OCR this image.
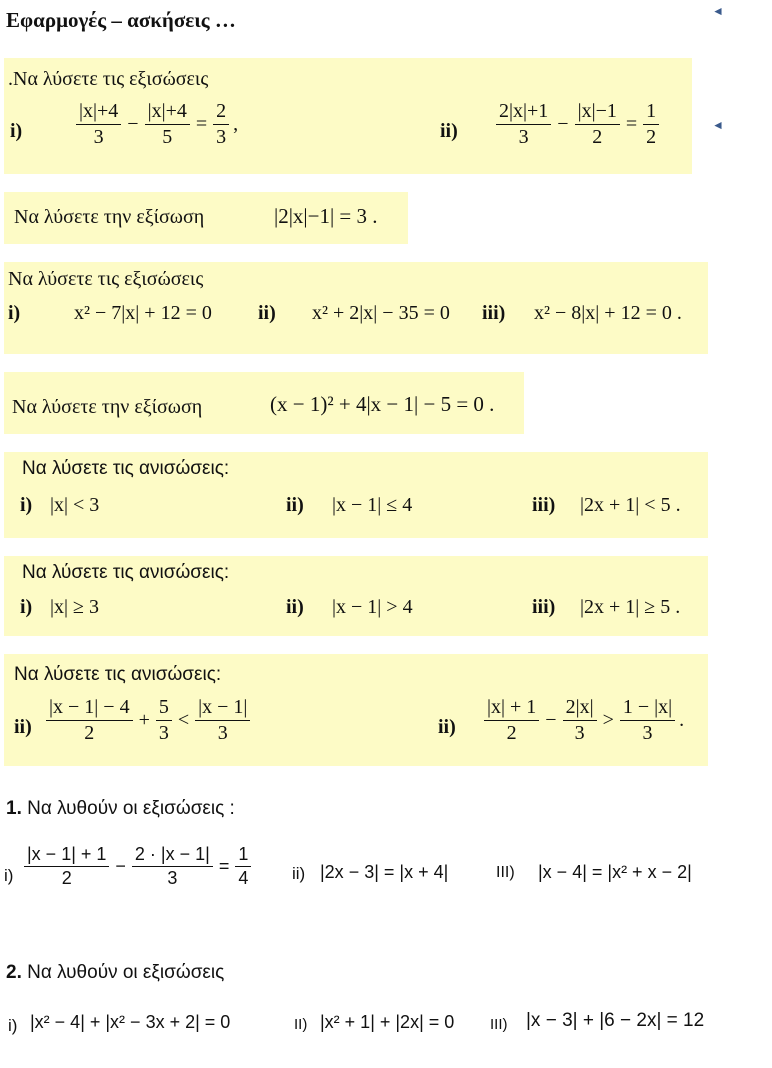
Εφαρμογές – ασκήσεις …	◄
◄
.Να λύσετε τις εξισώσεις
i)	$\frac{|x|+4}{3} - \frac{|x|+4}{5} = \frac{2}{3}$ ,	$ii) \frac{2|x|+1}{3} - \frac{|x|-1}{2} = \frac{1}{2}$
Να λύσετε την εξίσωση	|2|x|−1| = 3 .
Να λύσετε τις εξισώσεις
i)	x² − 7|x| + 12 = 0 ii) x² + 2|x| − 35 = 0 iii) x² − 8|x| + 12 = 0 .
Να λύσετε την εξίσωση	(x − 1)² + 4|x − 1| − 5 = 0 .
Να λύσετε τις ανισώσεις:
i) |x| < 3	ii) |x − 1| ≤ 4	iii) |2x + 1| < 5 .
Να λύσετε τις ανισώσεις:
i) |x| ≥ 3	ii) |x − 1| > 4	iii) |2x + 1| ≥ 5 .
Να λύσετε τις ανισώσεις:
$ii) \frac{|x - 1| - 4}{2} + \frac{5}{3} < \frac{|x - 1|}{3}$	$ii) \frac{|x| + 1}{2} - \frac{2|x|}{3} > \frac{1 - |x|}{3}$ .
1. Να λυθούν οι εξισώσεις :
$i) \frac{|x - 1| + 1}{2} - \frac{2 \cdot |x - 1|}{3} = \frac{1}{4} ii$) |2x − 3| = |x + 4|	ΙΙΙ) |x − 4| = |x² + x − 2|
2. Να λυθούν οι εξισώσεις
i) |x² − 4| + |x² − 3x + 2| = 0	ΙΙ) |x² + 1| + |2x| = 0 ΙΙΙ) |x − 3| + |6 − 2x| = 12
